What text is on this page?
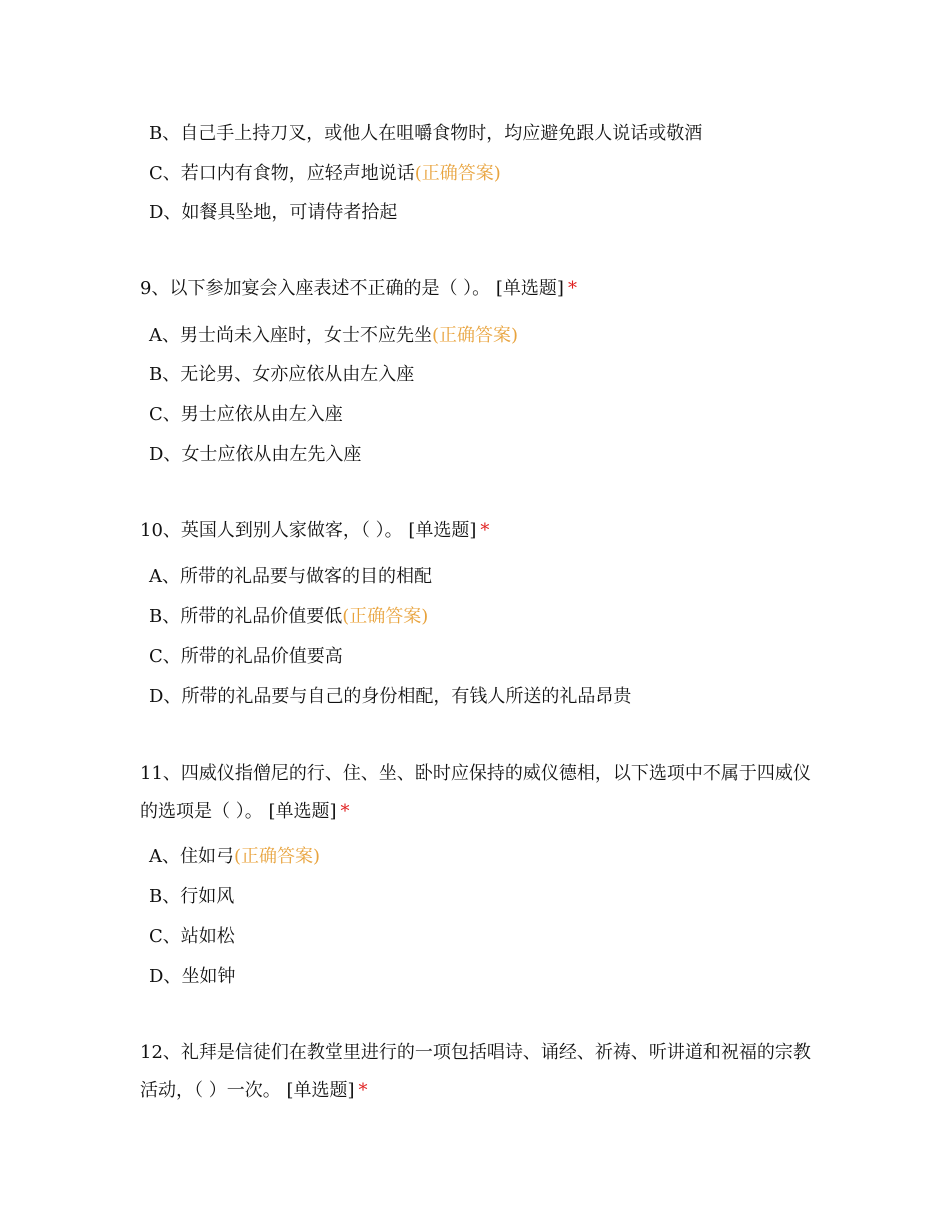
B、自己手上持刀叉，或他人在咀嚼食物时，均应避免跟人说话或敬酒
C、若口内有食物，应轻声地说话(正确答案)
D、如餐具坠地，可请侍者拾起
9、以下参加宴会入座表述不正确的是（ ）。 [单选题] *
A、男士尚未入座时，女士不应先坐(正确答案)
B、无论男、女亦应依从由左入座
C、男士应依从由左入座
D、女士应依从由左先入座
10、英国人到别人家做客，（ ）。 [单选题] *
A、所带的礼品要与做客的目的相配
B、所带的礼品价值要低(正确答案)
C、所带的礼品价值要高
D、所带的礼品要与自己的身份相配，有钱人所送的礼品昂贵
11、四威仪指僧尼的行、住、坐、卧时应保持的威仪德相，以下选项中不属于四威仪的选项是（ ）。 [单选题] *
A、住如弓(正确答案)
B、行如风
C、站如松
D、坐如钟
12、礼拜是信徒们在教堂里进行的一项包括唱诗、诵经、祈祷、听讲道和祝福的宗教活动，（ ）一次。 [单选题] *
